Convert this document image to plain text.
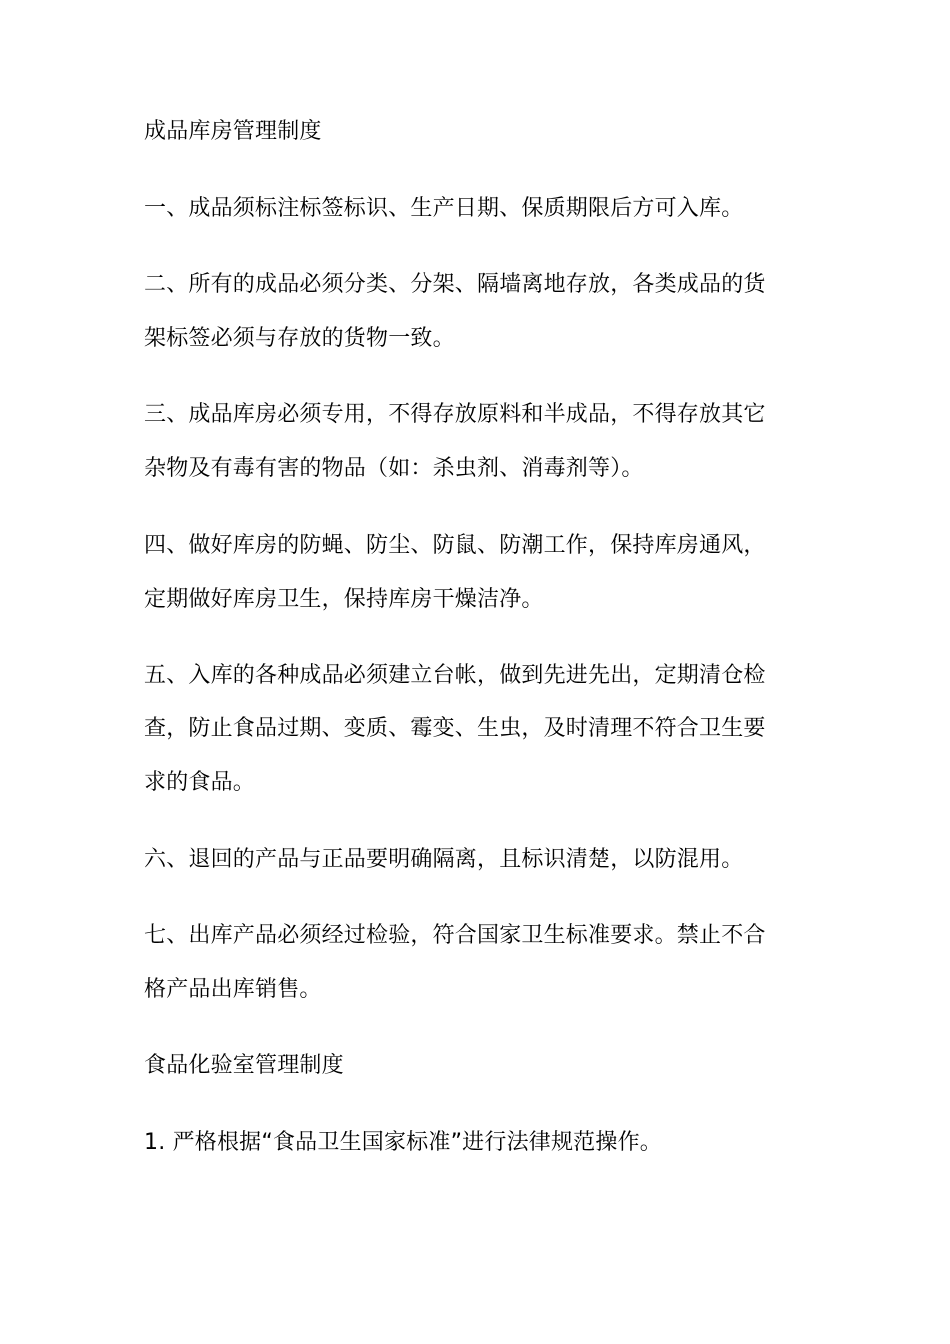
成品库房管理制度
一、成品须标注标签标识、生产日期、保质期限后方可入库。
二、所有的成品必须分类、分架、隔墙离地存放，各类成品的货
架标签必须与存放的货物一致。
三、成品库房必须专用，不得存放原料和半成品，不得存放其它
杂物及有毒有害的物品（如：杀虫剂、消毒剂等）。
四、做好库房的防蝇、防尘、防鼠、防潮工作，保持库房通风，
定期做好库房卫生，保持库房干燥洁净。
五、入库的各种成品必须建立台帐，做到先进先出，定期清仓检
查，防止食品过期、变质、霉变、生虫，及时清理不符合卫生要
求的食品。
六、退回的产品与正品要明确隔离，且标识清楚，以防混用。
七、出库产品必须经过检验，符合国家卫生标准要求。禁止不合
格产品出库销售。
食品化验室管理制度
1. 严格根据“食品卫生国家标准”进行法律规范操作。
